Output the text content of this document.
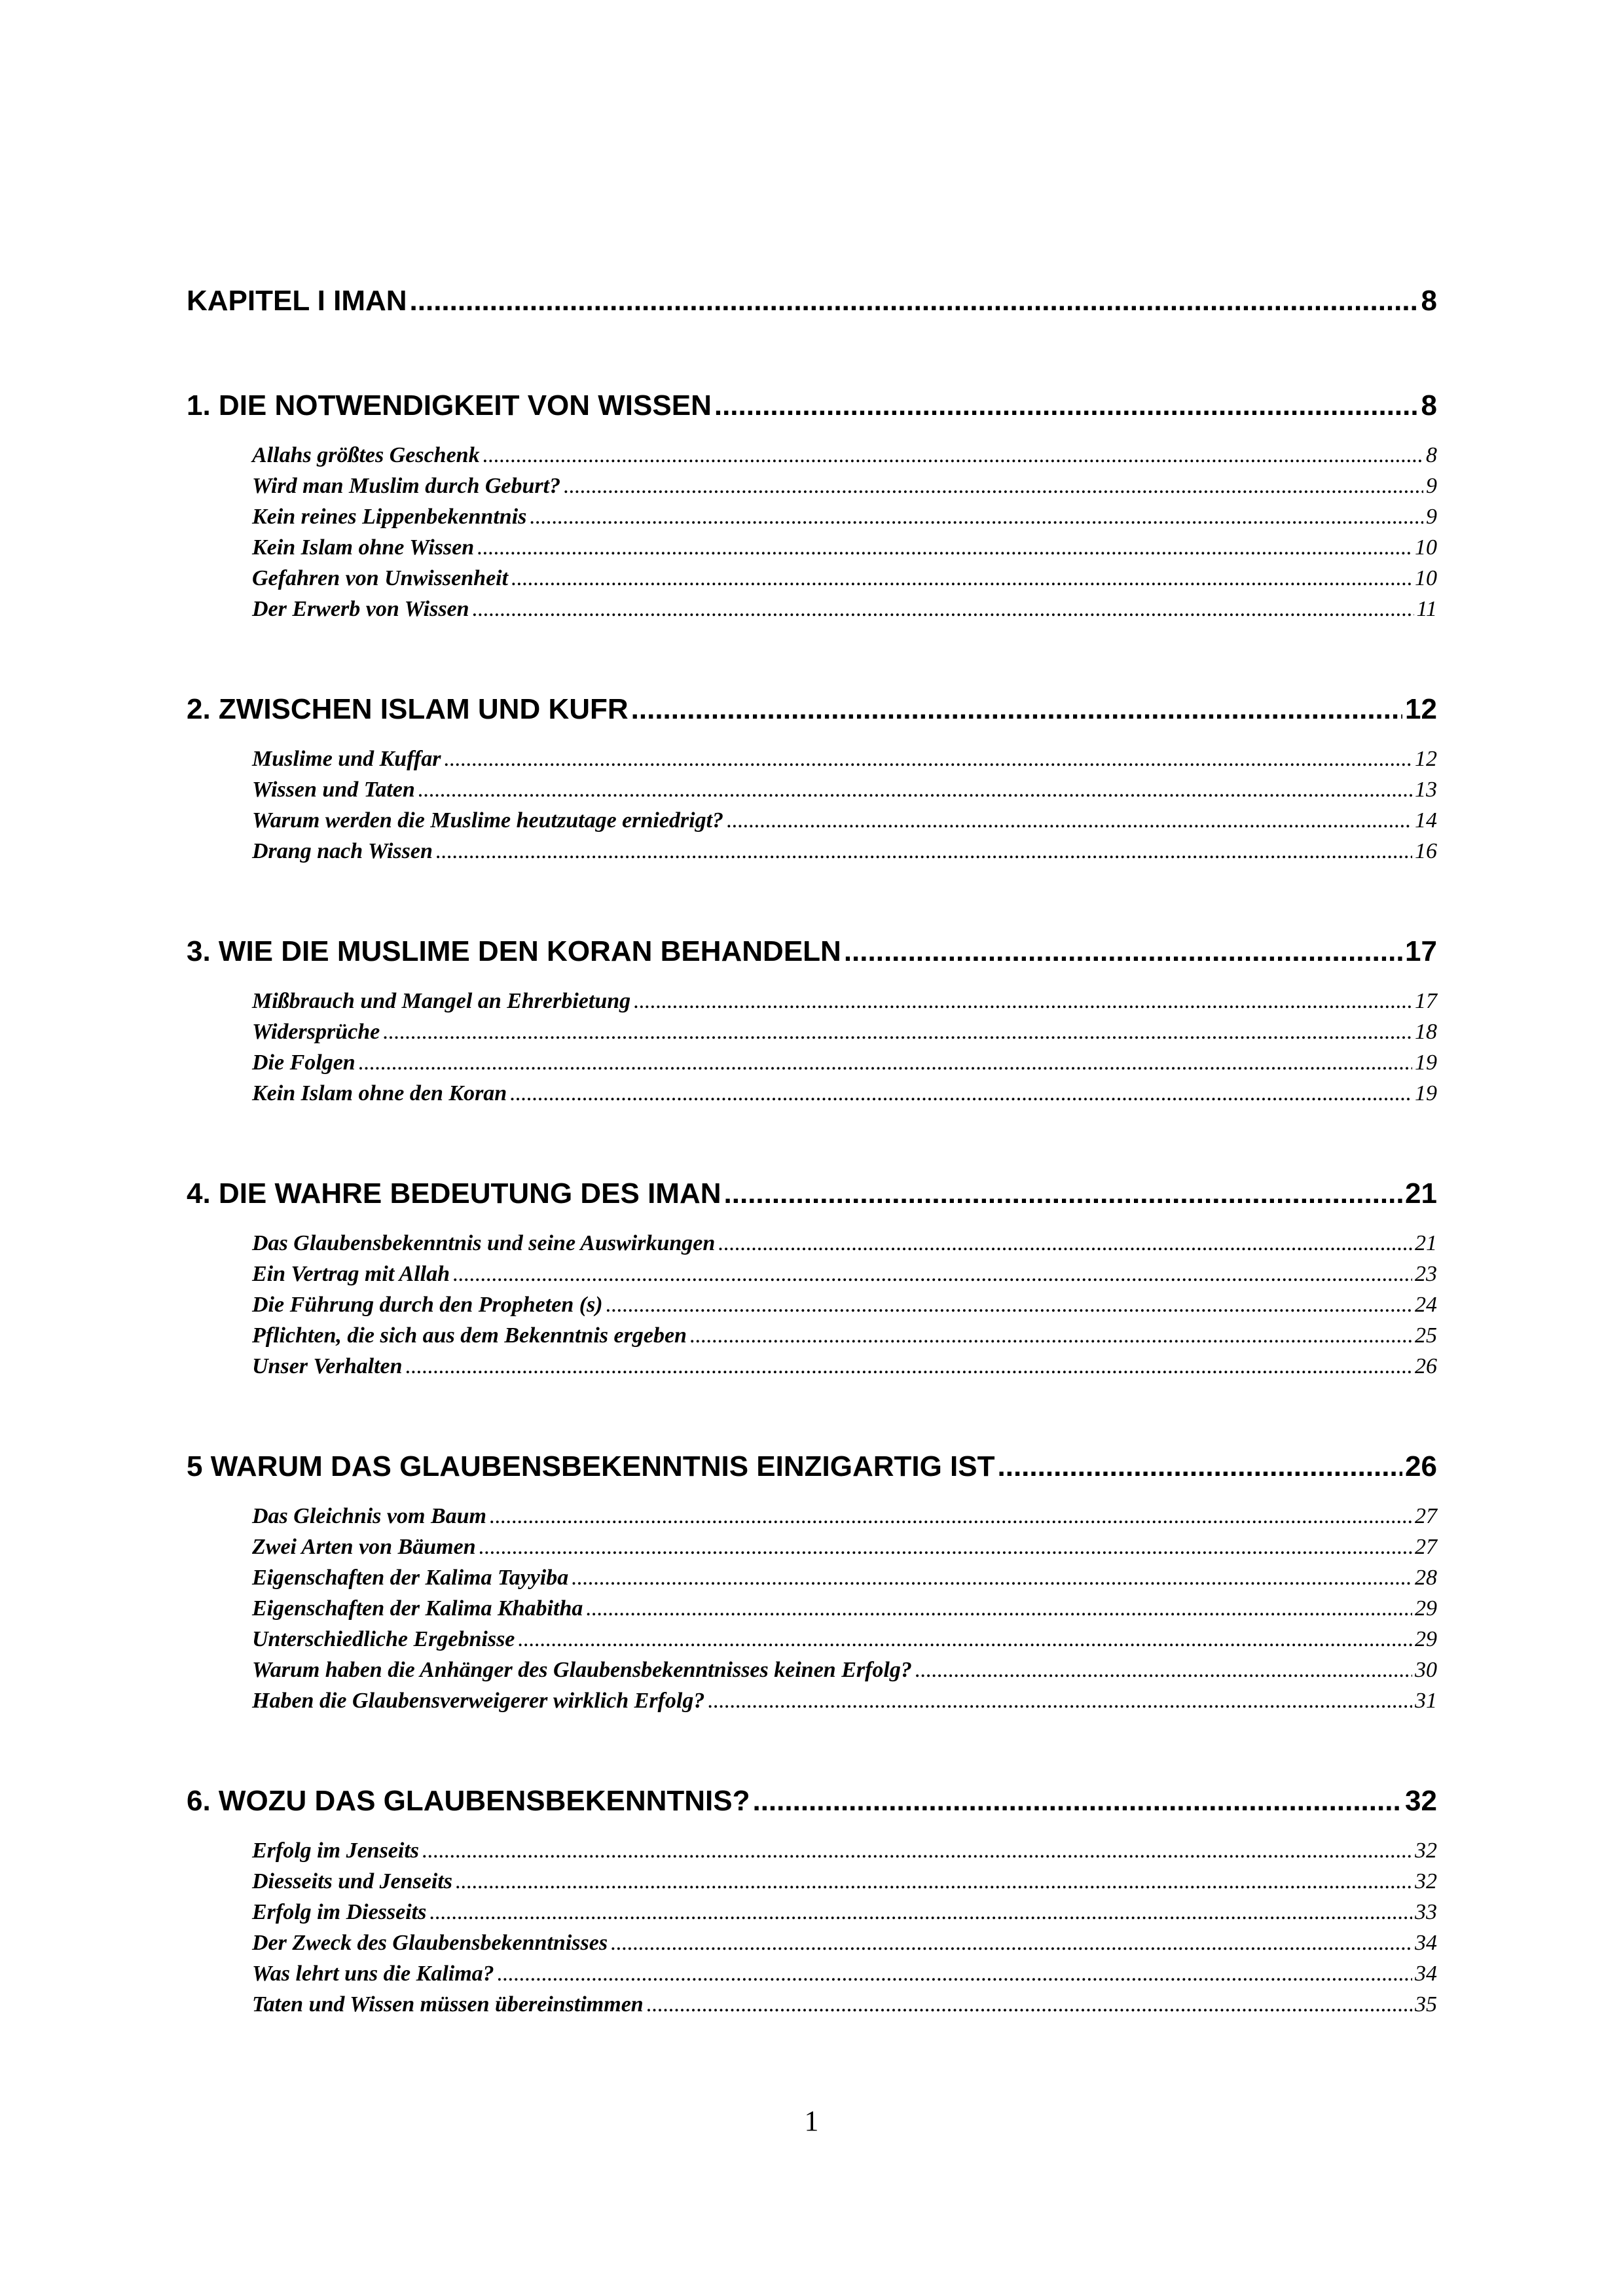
KAPITEL I IMAN .....	8
1. DIE NOTWENDIGKEIT VON WISSEN .....	8
Allahs größtes Geschenk .....	8
Wird man Muslim durch Geburt? .....	9
Kein reines Lippenbekenntnis .....	9
Kein Islam ohne Wissen .....	10
Gefahren von Unwissenheit .....	10
Der Erwerb von Wissen .....	11
2. ZWISCHEN ISLAM UND KUFR .....	12
Muslime und Kuffar .....	12
Wissen und Taten .....	13
Warum werden die Muslime heutzutage erniedrigt? .....	14
Drang nach Wissen .....	16
3. WIE DIE MUSLIME DEN KORAN BEHANDELN .....	17
Mißbrauch und Mangel an Ehrerbietung .....	17
Widersprüche .....	18
Die Folgen .....	19
Kein Islam ohne den Koran .....	19
4. DIE WAHRE BEDEUTUNG DES IMAN .....	21
Das Glaubensbekenntnis und seine Auswirkungen .....	21
Ein Vertrag mit Allah .....	23
Die Führung durch den Propheten (s) .....	24
Pflichten, die sich aus dem Bekenntnis ergeben .....	25
Unser Verhalten .....	26
5 WARUM DAS GLAUBENSBEKENNTNIS EINZIGARTIG IST .....	26
Das Gleichnis vom Baum .....	27
Zwei Arten von Bäumen .....	27
Eigenschaften der Kalima Tayyiba .....	28
Eigenschaften der Kalima Khabitha .....	29
Unterschiedliche Ergebnisse .....	29
Warum haben die Anhänger des Glaubensbekenntnisses keinen Erfolg? .....	30
Haben die Glaubensverweigerer wirklich Erfolg? .....	31
6. WOZU DAS GLAUBENSBEKENNTNIS? .....	32
Erfolg im Jenseits .....	32
Diesseits und Jenseits .....	32
Erfolg im Diesseits .....	33
Der Zweck des Glaubensbekenntnisses .....	34
Was lehrt uns die Kalima? .....	34
Taten und Wissen müssen übereinstimmen .....	35
1
